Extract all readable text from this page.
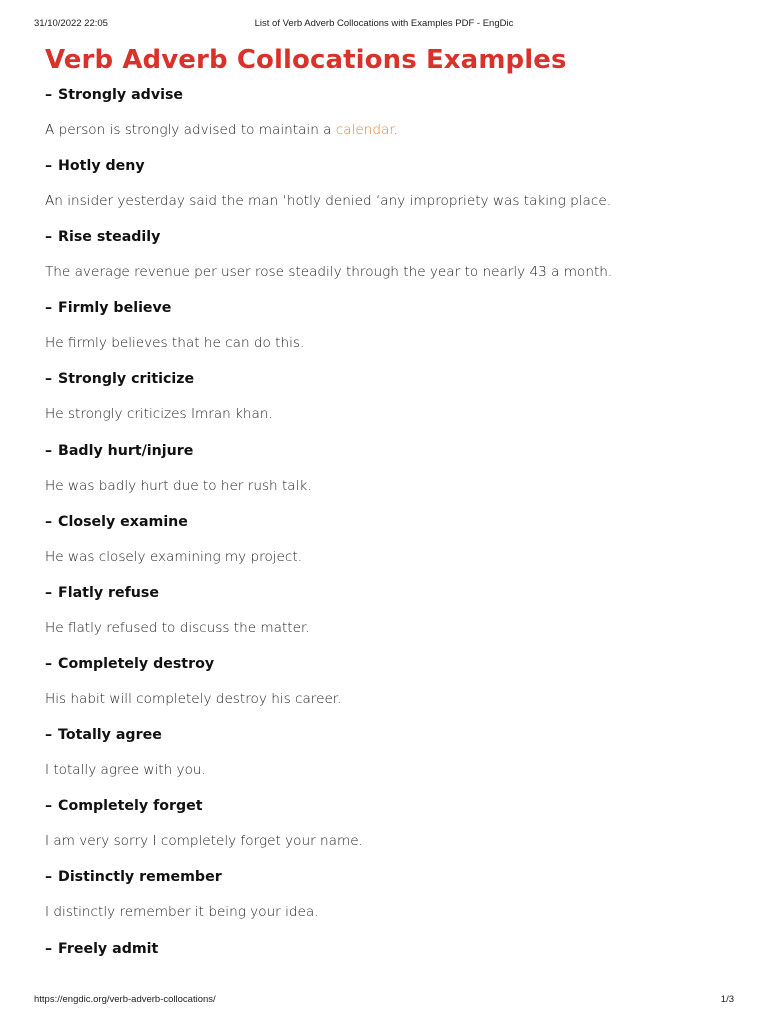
31/10/2022 22:05	List of Verb Adverb Collocations with Examples PDF - EngDic
Verb Adverb Collocations Examples
– Strongly advise
A person is strongly advised to maintain a calendar.
– Hotly deny
An insider yesterday said the man ‘hotly denied ‘any impropriety was taking place.
– Rise steadily
The average revenue per user rose steadily through the year to nearly 43 a month.
– Firmly believe
He firmly believes that he can do this.
– Strongly criticize
He strongly criticizes Imran khan.
– Badly hurt/injure
He was badly hurt due to her rush talk.
– Closely examine
He was closely examining my project.
– Flatly refuse
He flatly refused to discuss the matter.
– Completely destroy
His habit will completely destroy his career.
– Totally agree
I totally agree with you.
– Completely forget
I am very sorry I completely forget your name.
– Distinctly remember
I distinctly remember it being your idea.
– Freely admit
https://engdic.org/verb-adverb-collocations/	1/3
